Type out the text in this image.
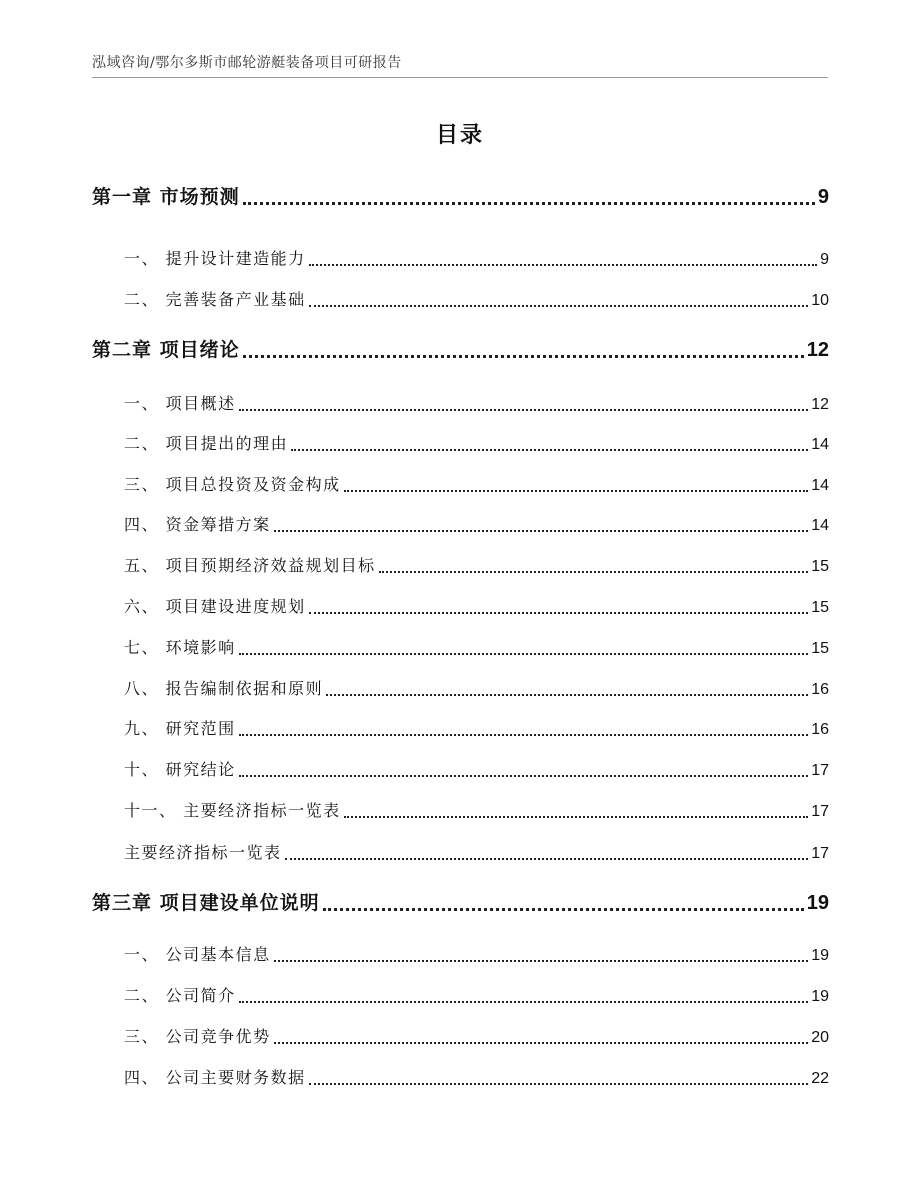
泓域咨询/鄂尔多斯市邮轮游艇装备项目可研报告
目录
第一章 市场预测	9
一、 提升设计建造能力	9
二、 完善装备产业基础	10
第二章 项目绪论	12
一、 项目概述	12
二、 项目提出的理由	14
三、 项目总投资及资金构成	14
四、 资金筹措方案	14
五、 项目预期经济效益规划目标	15
六、 项目建设进度规划	15
七、 环境影响	15
八、 报告编制依据和原则	16
九、 研究范围	16
十、 研究结论	17
十一、 主要经济指标一览表	17
主要经济指标一览表	17
第三章 项目建设单位说明	19
一、 公司基本信息	19
二、 公司简介	19
三、 公司竞争优势	20
四、 公司主要财务数据	22
